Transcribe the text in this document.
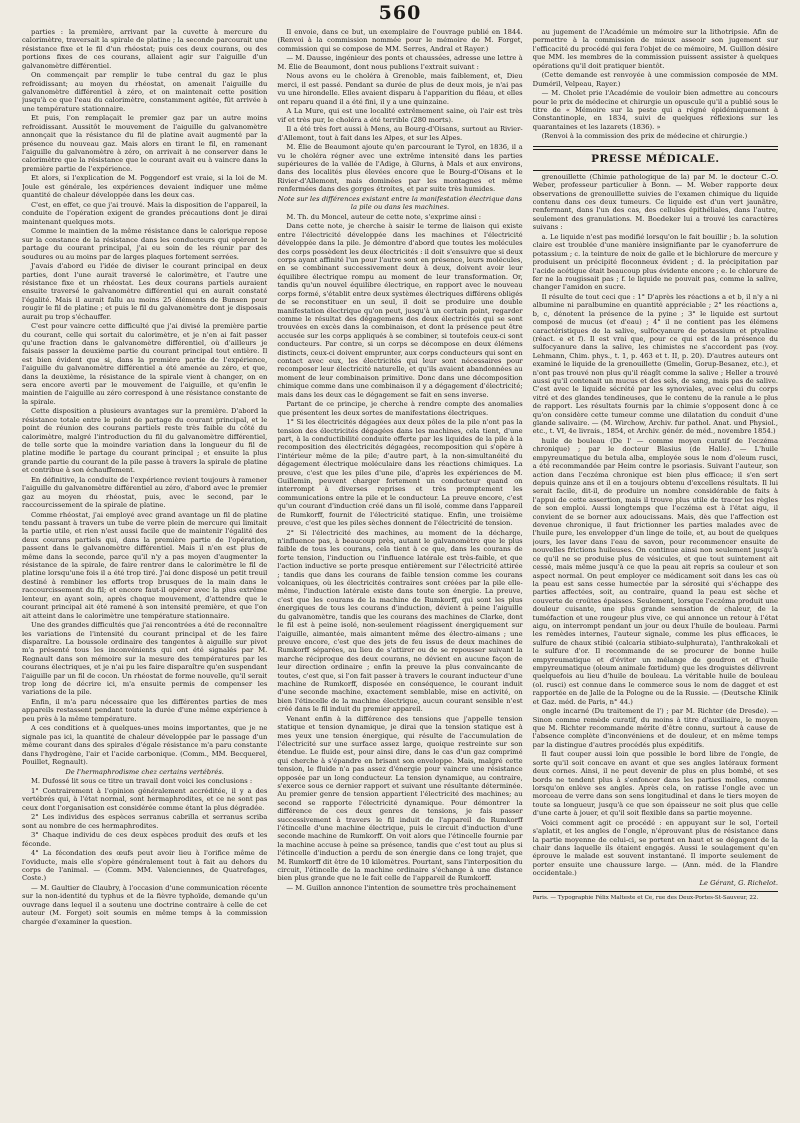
560

parties : la première, arrivant par la cuvette à mercure du calorimètre, traversait la spirale de platine ; la seconde parcourait une résistance fixe et le fil d'un rhéostat; puis ces deux courans, ou des portions fixes de ces courans, allaient agir sur l'aiguille d'un galvanomètre différentiel.

On commençait par remplir le tube central du gaz le plus refroidissant; au moyen du rhéostat, on amenait l'aiguille du galvanomètre différentiel à zéro, et on maintenait cette position jusqu'à ce que l'eau du calorimètre, constamment agitée, fût arrivée à une température stationnaire.

Et puis, l'on remplaçait le premier gaz par un autre moins refroidissant. Aussitôt le mouvement de l'aiguille du galvanomètre annonçait que la résistance du fil de platine avait augmenté par la présence du nouveau gaz. Mais alors en tirant le fil, en ramenant l'aiguille du galvanomètre à zéro, on arrivait à ne conserver dans le calorimètre que la résistance que le courant avait eu à vaincre dans la première partie de l'expérience.

Et alors, si l'explication de M. Poggendorf est vraie, si la loi de M. Joule est générale, les expériences devaient indiquer une même quantité de chaleur développée dans les deux cas.

C'est, en effet, ce que j'ai trouvé. Mais la disposition de l'appareil, la conduite de l'opération exigent de grandes précautions dont je dirai maintenant quelques mots.

Comme le maintien de la même résistance dans le calorique repose sur la constance de la résistance dans les conducteurs qui opèrent le partage du courant principal, j'ai eu soin de les réunir par des soudures ou au moins par de larges plaques fortement serrées.

J'avais d'abord eu l'idée de diviser le courant principal en deux parties, dont l'une aurait traversé le calorimètre, et l'autre une résistance fixe et un rhéostat. Les deux courans partiels auraient ensuite traversé le galvanomètre différentiel qui en aurait constaté l'égalité. Mais il aurait fallu au moins 25 éléments de Bunsen pour rougir le fil de platine ; et puis le fil du galvanomètre dont je disposais aurait pu trop s'échauffer.

C'est pour vaincre cette difficulté que j'ai divisé la première partie du courant, celle qui sortait du calorimètre, et je n'en ai fait passer qu'une fraction dans le galvanomètre différentiel, où d'ailleurs je faisais passer la deuxième partie du courant principal tout entière. Il est bien évident que si, dans la première partie de l'expérience, l'aiguille du galvanomètre différentiel a été amenée au zéro, et que, dans la deuxième, la résistance de la spirale vient à changer, on en sera encore averti par le mouvement de l'aiguille, et qu'enfin le maintien de l'aiguille au zéro correspond à une résistance constante de la spirale.

Cette disposition a plusieurs avantages sur la première. D'abord la résistance totale entre le point de partage du courant principal, et le point de réunion des courans partiels reste très faible du côté du calorimètre, malgré l'introduction du fil du galvanomètre différentiel, de telle sorte que la moindre variation dans la longueur du fil de platine modifie le partage du courant principal ; et ensuite la plus grande partie du courant de la pile passe à travers la spirale de platine et contribue à son échauffement.

En définitive, la conduite de l'expérience revient toujours à ramener l'aiguille du galvanomètre différentiel au zéro, d'abord avec le premier gaz au moyen du rhéostat, puis, avec le second, par le raccourcissement de la spirale de platine.

Comme rhéostat, j'ai employé avec grand avantage un fil de platine tendu passant à travers un tube de verre plein de mercure qui limitait la partie utile, et rien n'est aussi facile que de maintenir l'égalité des deux courans partiels qui, dans la première partie de l'opération, passent dans le galvanomètre différentiel. Mais il n'en est plus de même dans la seconde, parce qu'il n'y a pas moyen d'augmenter la résistance de la spirale, de faire rentrer dans le calorimètre le fil de platine lorsqu'une fois il a été trop tiré. J'ai donc disposé un petit treuil destiné à rembiner les efforts trop brusques de la main dans le raccourcissement du fil; et encore faut-il opérer avec la plus extrême lenteur, en ayant soin, après chaque mouvement, d'attendre que le courant principal ait été ramené à son intensité première, et que l'on ait atteint dans le calorimètre une température stationnaire.

Une des grandes difficultés que j'ai rencontrées a été de reconnaître les variations de l'intensité du courant principal et de les faire disparaître. La boussole ordinaire des tangentes à aiguille sur pivot m'a présenté tous les inconvénients qui ont été signalés par M. Regnault dans son mémoire sur la mesure des températures par les courans électriques, et je n'ai pu les faire disparaître qu'en suspendant l'aiguille par un fil de cocon. Un rhéostat de forme nouvelle, qu'il serait trop long de décrire ici, m'a ensuite permis de compenser les variations de la pile.

Enfin, il m'a paru nécessaire que les différentes parties de mes appareils restassent pendant toute la durée d'une même expérience à peu près à la même température.

A ces conditions et à quelques-unes moins importantes, que je ne signale pas ici, la quantité de chaleur développée par le passage d'un même courant dans des spirales d'égale résistance m'a paru constante dans l'hydrogène, l'air et l'acide carbonique. (Comm., MM. Becquerel, Pouillet, Regnault).

De l'hermaphrodisme chez certains vertébrés.

M. Dufossé lit sous ce titre un travail dont voici les conclusions :

1° Contrairement à l'opinion généralement accréditée, il y a des vertébrés qui, à l'état normal, sont hermaphrodites, et ce ne sont pas ceux dont l'organisation est considérée comme étant la plus dégradée.

2° Les individus des espèces serranus cabrilla et serranus scriba sont au nombre de ces hermaphrodites.

3° Chaque individu de ces deux espèces produit des œufs et les féconde.

4° La fécondation des œufs peut avoir lieu à l'orifice même de l'oviducte, mais elle s'opère généralement tout à fait au dehors du corps de l'animal. — (Comm. MM. Valenciennes, de Quatrefages, Coste.)

— M. Gaultier de Claubry, à l'occasion d'une communication récente sur la non-identité du typhus et de la fièvre typhoïde, demande qu'un ouvrage dans lequel il a soutenu une doctrine contraire à celle de cet auteur (M. Forget) soit soumis en même temps à la commission chargée d'examiner la question.

Il envoie, dans ce but, un exemplaire de l'ouvrage publié en 1844. (Renvoi à la commission nommée pour le mémoire de M. Forget, commission qui se compose de MM. Serres, Andral et Rayer.)

— M. Dausse, ingénieur des ponts et chaussées, adresse une lettre à M. Élie de Beaumont, dont nous publions l'extrait suivant :

Nous avons eu le choléra à Grenoble, mais faiblement, et, Dieu merci, il est passé. Pendant sa durée de plus de deux mois, je n'ai pas vu une hirondelle. Elles avaient disparu à l'apparition du fléau, et elles ont reparu quand il a été fini, il y a une quinzaine.

A La Mure, qui est une localité extrêmement saine, où l'air est très vif et très pur, le choléra a été terrible (280 morts).

Il a été très fort aussi à Mens, au Bourg-d'Oisans, surtout au Rivier-d'Allemont, tout à fait dans les Alpes, et sur les Alpes.

M. Élie de Beaumont ajoute qu'en parcourant le Tyrol, en 1836, il a vu le choléra régner avec une extrême intensité dans les parties supérieures de la vallée de l'Adige, à Glurns, à Mals et aux environs, dans des localités plus élevées encore que le Bourg-d'Oisans et le Rivier-d'Allemont, mais dominées par les montagnes et même renfermées dans des gorges étroites, et par suite très humides.

Note sur les différences existant entre la manifestation électrique dans la pile ou dans les machines.

M. Th. du Moncel, auteur de cette note, s'exprime ainsi :

Dans cette note, je cherche à saisir le terme de liaison qui existe entre l'électricité développée dans les machines et l'électricité développée dans la pile. Je démontre d'abord que toutes les molécules des corps possèdent les deux électricités : il doit s'ensuivre que si deux corps ayant affinité l'un pour l'autre sont en présence, leurs molécules, en se combinant successivement deux à deux, doivent avoir leur équilibre électrique rompu au moment de leur transformation. Or, tandis qu'un nouvel équilibre électrique, en rapport avec le nouveau corps formé, s'établit entre deux systèmes électriques différens obligés de se reconstituer en un seul, il doit se produire une double manifestation électrique qu'on peut, jusqu'à un certain point, regarder comme le résultat des dégagemens des deux électricités qui se sont trouvées en excès dans la combinaison, et dont la présence peut être accusée sur les corps appliqués à se combiner, si toutefois ceux-ci sont conducteurs. Par contre, si un corps se décompose en deux élémens distincts, ceux-ci doivent emprunter, aux corps conducteurs qui sont en contact avec eux, les électricités qui leur sont nécessaires pour recomposer leur électricité naturelle, et qu'ils avaient abandonnées au moment de leur combinaison primitive. Donc dans une décomposition chimique comme dans une combinaison il y a dégagement d'électricité; mais dans les deux cas le dégagement se fait en sens inverse.

Partant de ce principe, je cherche à rendre compte des anomalies que présentent les deux sortes de manifestations électriques.

1° Si les électricités dégagées aux deux pôles de la pile n'ont pas la tension des électricités dégagées dans les machines, cela tient, d'une part, à la conductibilité conduite offerte par les liquides de la pile à la recomposition des électricités dégagées, recomposition qui s'opère à l'intérieur même de la pile; d'autre part, à la non-simultanéité du dégagement électrique moléculaire dans les réactions chimiques. La preuve, c'est que les piles d'une pile, d'après les expériences de M. Guillemin, peuvent charger fortement un conducteur quand on interrompt à diverses reprises et très promptement les communications entre la pile et le conducteur. La preuve encore, c'est qu'un courant d'induction créé dans un fil isolé, comme dans l'appareil de Rumkorff, fournit de l'électricité statique. Enfin, une troisième preuve, c'est que les piles sèches donnent de l'électricité de tension.

2° Si l'électricité des machines, au moment de la décharge, n'influence pas, à beaucoup près, autant le galvanomètre que le plus faible de tous les courans, cela tient à ce que, dans les courans de forte tension, l'induction ou l'influence latérale est très-faible, et que l'action inductive se porte presque entièrement sur l'électricité attirée ; tandis que dans les courans de faible tension comme les courans volcaniques, où les électricités contraires sont créées par la pile elle-même, l'induction latérale existe dans toute son énergie. La preuve, c'est que les courans de la machine de Rumkorff, qui sont les plus énergiques de tous les courans d'induction, dévient à peine l'aiguille du galvanomètre, tandis que les courans des machines de Clarke, dont le fil est à peine isolé, non-seulement réagissent énergiquement sur l'aiguille, aimantée, mais aimantent même des électro-aimans ; une preuve encore, c'est que des jets de feu issus de deux machines de Rumkorff séparées, au lieu de s'attirer ou de se repousser suivant la marche réciproque des deux courans, ne dévient en aucune façon de leur direction ordinaire ; enfin la preuve la plus convaincante de toutes, c'est que, si l'on fait passer à travers le courant inducteur d'une machine de Rumkorff, disposée en conséquence, le courant induit d'une seconde machine, exactement semblable, mise en activité, on bien l'étincelle de la machine électrique, aucun courant sensible n'est créé dans le fil induit du premier appareil.

Venant enfin à la différence des tensions que j'appelle tension statique et tension dynamique, je dirai que la tension statique est à mes yeux une tension énergique, qui résulte de l'accumulation de l'électricité sur une surface assez large, quoique restreinte sur son étendue. Le fluide est, pour ainsi dire, dans le cas d'un gaz comprimé qui cherche à s'épandre en brisant son enveloppe. Mais, malgré cette tension, le fluide n'a pas assez d'énergie pour vaincre une résistance opposée par un long conducteur. La tension dynamique, au contraire, s'exerce sous ce dernier rapport et suivant une résultante déterminée. Au premier genre de tension appartient l'électricité des machines; au second se rapporte l'électricité dynamique. Pour démontrer la différence de ces deux genres de tensions, je fais passer successivement à travers le fil induit de l'appareil de Rumkorff l'étincelle d'une machine électrique, puis le circuit d'induction d'une seconde machine de Rumkorff. On voit alors que l'étincelle fournie par la machine accuse à peine sa présence, tandis que c'est tout au plus si l'étincelle d'induction a perdu de son énergie dans ce long trajet, que M. Rumkorff dit être de 10 kilomètres. Pourtant, sans l'interposition du circuit, l'étincelle de la machine ordinaire s'échange à une distance bien plus grande que ne le fait celle de l'appareil de Rumkorff.

— M. Guillon annonce l'intention de soumettre très prochainement

au jugement de l'Académie un mémoire sur la lithotripsie. Afin de permettre à la commission de mieux asseoir son jugement sur l'efficacité du procédé qui fera l'objet de ce mémoire, M. Guillon désire que MM. les membres de la commission puissent assister à quelques opérations qu'il doit pratiquer bientôt.

(Cette demande est renvoyée à une commission composée de MM. Duméril, Velpeau, Rayer.)

— M. Cholet prie l'Académie de vouloir bien admettre au concours pour le prix de médecine et chirurgie un opuscule qu'il a publié sous le titre de « Mémoire sur la peste qui a régné épidémiquement à Constantinople, en 1834, suivi de quelques réflexions sur les quarantaines et les lazarets (1836). »

(Renvoi à la commission des prix de médecine et chirurgie.)

PRESSE MÉDICALE.

grenouillette (Chimie pathologique de la) par M. le docteur C.-O. Weber, professeur particulier à Bonn. — M. Weber rapporte deux observations de grenouillette suivies de l'examen chimique du liquide contenu dans ces deux tumeurs. Ce liquide est d'un vert jaunâtre, renfermant, dans l'un des cas, des cellules épithéliales, dans l'autre, seulement des granulations. M. Boedeker lui a trouvé les caractères suivans :

a. Le liquide n'est pas modifié lorsqu'on le fait bouillir ; b. la solution claire est troublée d'une manière insignifiante par le cyanoferrure de potassium ; c. la teinture de noix de galle et le bichlorure de mercure y produisent un précipité floconneux évident ; d. la précipitation par l'acide acétique était beaucoup plus évidente encore ; e. le chlorure de fer ne la rougissait pas ; f. le liquide ne pouvait pas, comme la salive, changer l'amidon en sucre.

Il résulte de tout ceci que : 1° D'après les réactions a et b, il n'y a ni albumine ni paralbumine en quantité appréciable ; 2° les réactions a, b, c, dénotent la présence de la pyine ; 3° le liquide est surtout composé de mucus (et d'eau) ; 4° il ne contient pas les élémens caractéristiques de la salive, sulfocyanure de potassium et ptyaline (réact. e et f). Il est vrai que, pour ce qui est de la présence du sulfocyanure dans la salive, les chimistes ne s'accordent pas (voy. Lehmann, Chim. phys., t. 1, p. 463 et t. II, p. 20). D'autres auteurs ont examiné le liquide de la grenouillette (Gmelin, Gorup-Besanez, etc.), et n'ont pas trouvé non plus qu'il réagît comme la salive ; Heller a trouvé aussi qu'il contenait un mucus et des sels, de sang, mais pas de salive. C'est avec le liquide sécrété par les synoviales, avec celui du corps vitré et des glandes tendineuses, que le contenu de la ranule a le plus de rapport. Les résultats fournis par la chimie s'opposent donc à ce qu'on considère cette tumeur comme une dilatation du conduit d'une glande salivaire. — (M. Wirchow, Archiv. fur pathol. Anat. und Physiol., etc., t. VI, 4e livrais., 1854, et Archiv. génér. de méd., novembre 1854.)

huile de bouleau (De l' — comme moyen curatif de l'eczéma chronique) ; par le docteur Blasius (de Halle). — L'huile empyreumatique du betula alba, employée sous le nom d'oleum rusci, a été recommandée par Heim contre le psoriasis. Suivant l'auteur, son action dans l'eczéma chronique est bien plus efficace; il s'en sert depuis quinze ans et il en a toujours obtenu d'excellens résultats. Il lui serait facile, dit-il, de produire un nombre considérable de faits à l'appui de cette assertion, mais il trouve plus utile de tracer les règles de son emploi. Aussi longtemps que l'eczéma est à l'état aigu, il convient de se borner aux adoucissans. Mais, dès que l'affection est devenue chronique, il faut frictionner les parties malades avec de l'huile pure, les envelopper d'un linge de toile, et, au bout de quelques jours, les laver dans l'eau de savon, pour recommencer ensuite de nouvelles frictions huileuses. On continue ainsi non seulement jusqu'à ce qu'il ne se produise plus de vésicules, et que tout suintement ait cessé, mais même jusqu'à ce que la peau ait repris sa couleur et son aspect normal. On peut employer ce médicament soit dans les cas où la peau est sans cesse humectée par la sérosité qui s'échappe des parties affectées, soit, au contraire, quand la peau est sèche et couverte de croûtes épaisses. Seulement, lorsque l'eczéma produit une douleur cuisante, une plus grande sensation de chaleur, de la tuméfaction et une rougeur plus vive, ce qui annonce un retour à l'état aigu, on interrompt pendant un jour ou deux l'huile de bouleau. Parmi les remèdes internes, l'auteur signale, comme les plus efficaces, le sulfure de chaux stibié (calcaria stibiato-sulphurata), l'anthrakokali et le sulfure d'or. Il recommande de se procurer de bonne huile empyreumatique et d'éviter un mélange de goudron et d'huile empyreumatique (oleum animale fœtidum) que les droguistes délivrent quelquefois au lieu d'huile de bouleau. La véritable huile de bouleau (ol. rusci) est connue dans le commerce sous le nom de dagget et est rapportée en de Jalle de la Pologne ou de la Russie. — (Deutsche Klinik et Gaz. méd. de Paris, n° 44.)

ongle incarné (Du traitement de l') ; par M. Richter (de Dresde). — Sinon comme remède curatif, du moins à titre d'auxiliaire, le moyen que M. Richter recommande mérite d'être connu, surtout à cause de l'absence complète d'inconvéniens et de douleur, et en même temps par la distingue d'autres procédés plus expéditifs.

Il faut couper aussi loin que possible le bord libre de l'ongle, de sorte qu'il soit concave en avant et que ses angles latéraux forment deux cornes. Ainsi, il ne peut devenir de plus en plus bombé, et ses bords ne tendent plus à s'enfoncer dans les parties molles, comme lorsqu'on enlève ses angles. Après cela, on ratisse l'ongle avec un morceau de verre dans son sens longitudinal et dans le tiers moyen de toute sa longueur, jusqu'à ce que son épaisseur ne soit plus que celle d'une carte à jouer, et qu'il soit flexible dans sa partie moyenne.

Voici comment agit ce procédé : en appuyant sur le sol, l'orteil s'aplatit, et les angles de l'ongle, n'éprouvant plus de résistance dans la partie moyenne de celui-ci, se portent en haut et se dégagent de la chair dans laquelle ils étaient engagés. Aussi le soulagement qu'en éprouve le malade est souvent instantané. Il importe seulement de porter ensuite une chaussure large. — (Ann. méd. de la Flandre occidentale.)

Le Gérant, G. Richelot.

Paris. — Typographie Félix Malteste et Ce, rue des Deux-Portes-St-Sauveur, 22.
